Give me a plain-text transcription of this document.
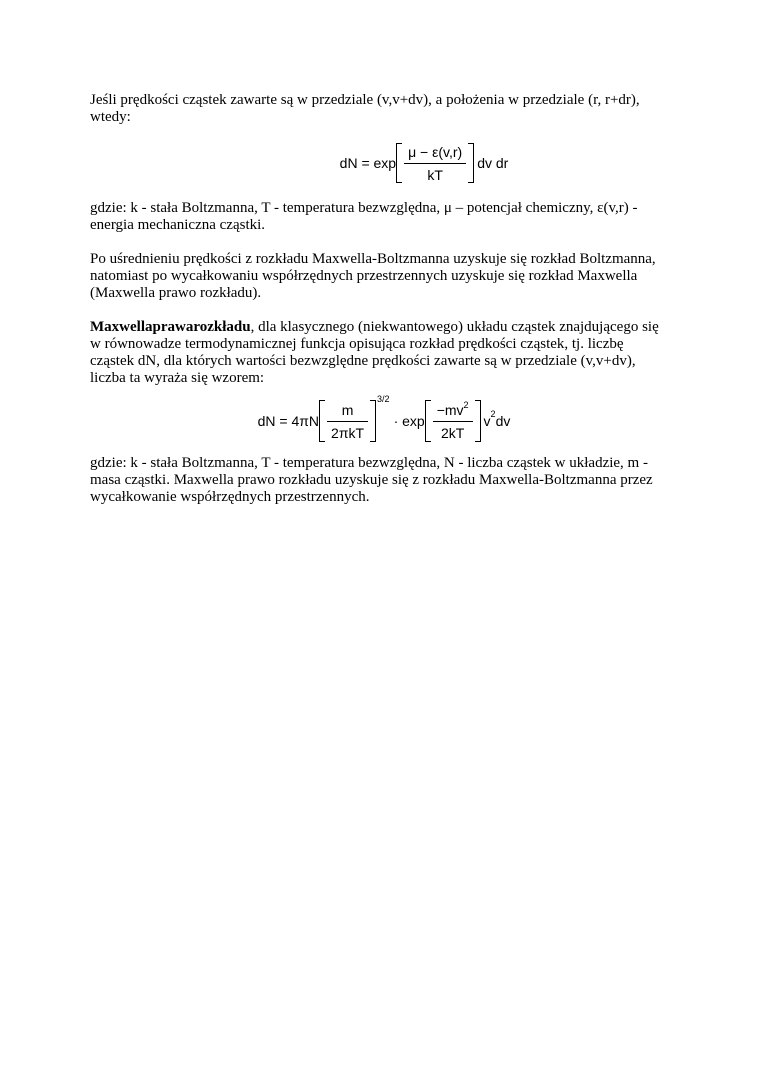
Jeśli prędkości cząstek zawarte są w przedziale (v,v+dv), a położenia w przedziale (r, r+dr), wtedy:

dN = $\exp \frac{\mu - \varepsilon(v,r)}{kT}$ dv dr

gdzie: k - stała Boltzmanna, T - temperatura bezwzględna, μ – potencjał chemiczny, ε(v,r) - energia mechaniczna cząstki.

Po uśrednieniu prędkości z rozkładu Maxwella-Boltzmanna uzyskuje się rozkład Boltzmanna, natomiast po wycałkowaniu współrzędnych przestrzennych uzyskuje się rozkład Maxwella (Maxwella prawo rozkładu).

Maxwellaprawarozkładu, dla klasycznego (niekwantowego) układu cząstek znajdującego się w równowadze termodynamicznej funkcja opisująca rozkład prędkości cząstek, tj. liczbę cząstek dN, dla których wartości bezwzględne prędkości zawarte są w przedziale (v,v+dv), liczba ta wyraża się wzorem:

dN = $4\pi N \frac{m}{\text{2πkT}}$
3/2
· $\exp \frac{-mv^2}{2kT}$ v 2 dv

gdzie: k - stała Boltzmanna, T - temperatura bezwzględna, N - liczba cząstek w układzie, m - masa cząstki. Maxwella prawo rozkładu uzyskuje się z rozkładu Maxwella-Boltzmanna przez wycałkowanie współrzędnych przestrzennych.
